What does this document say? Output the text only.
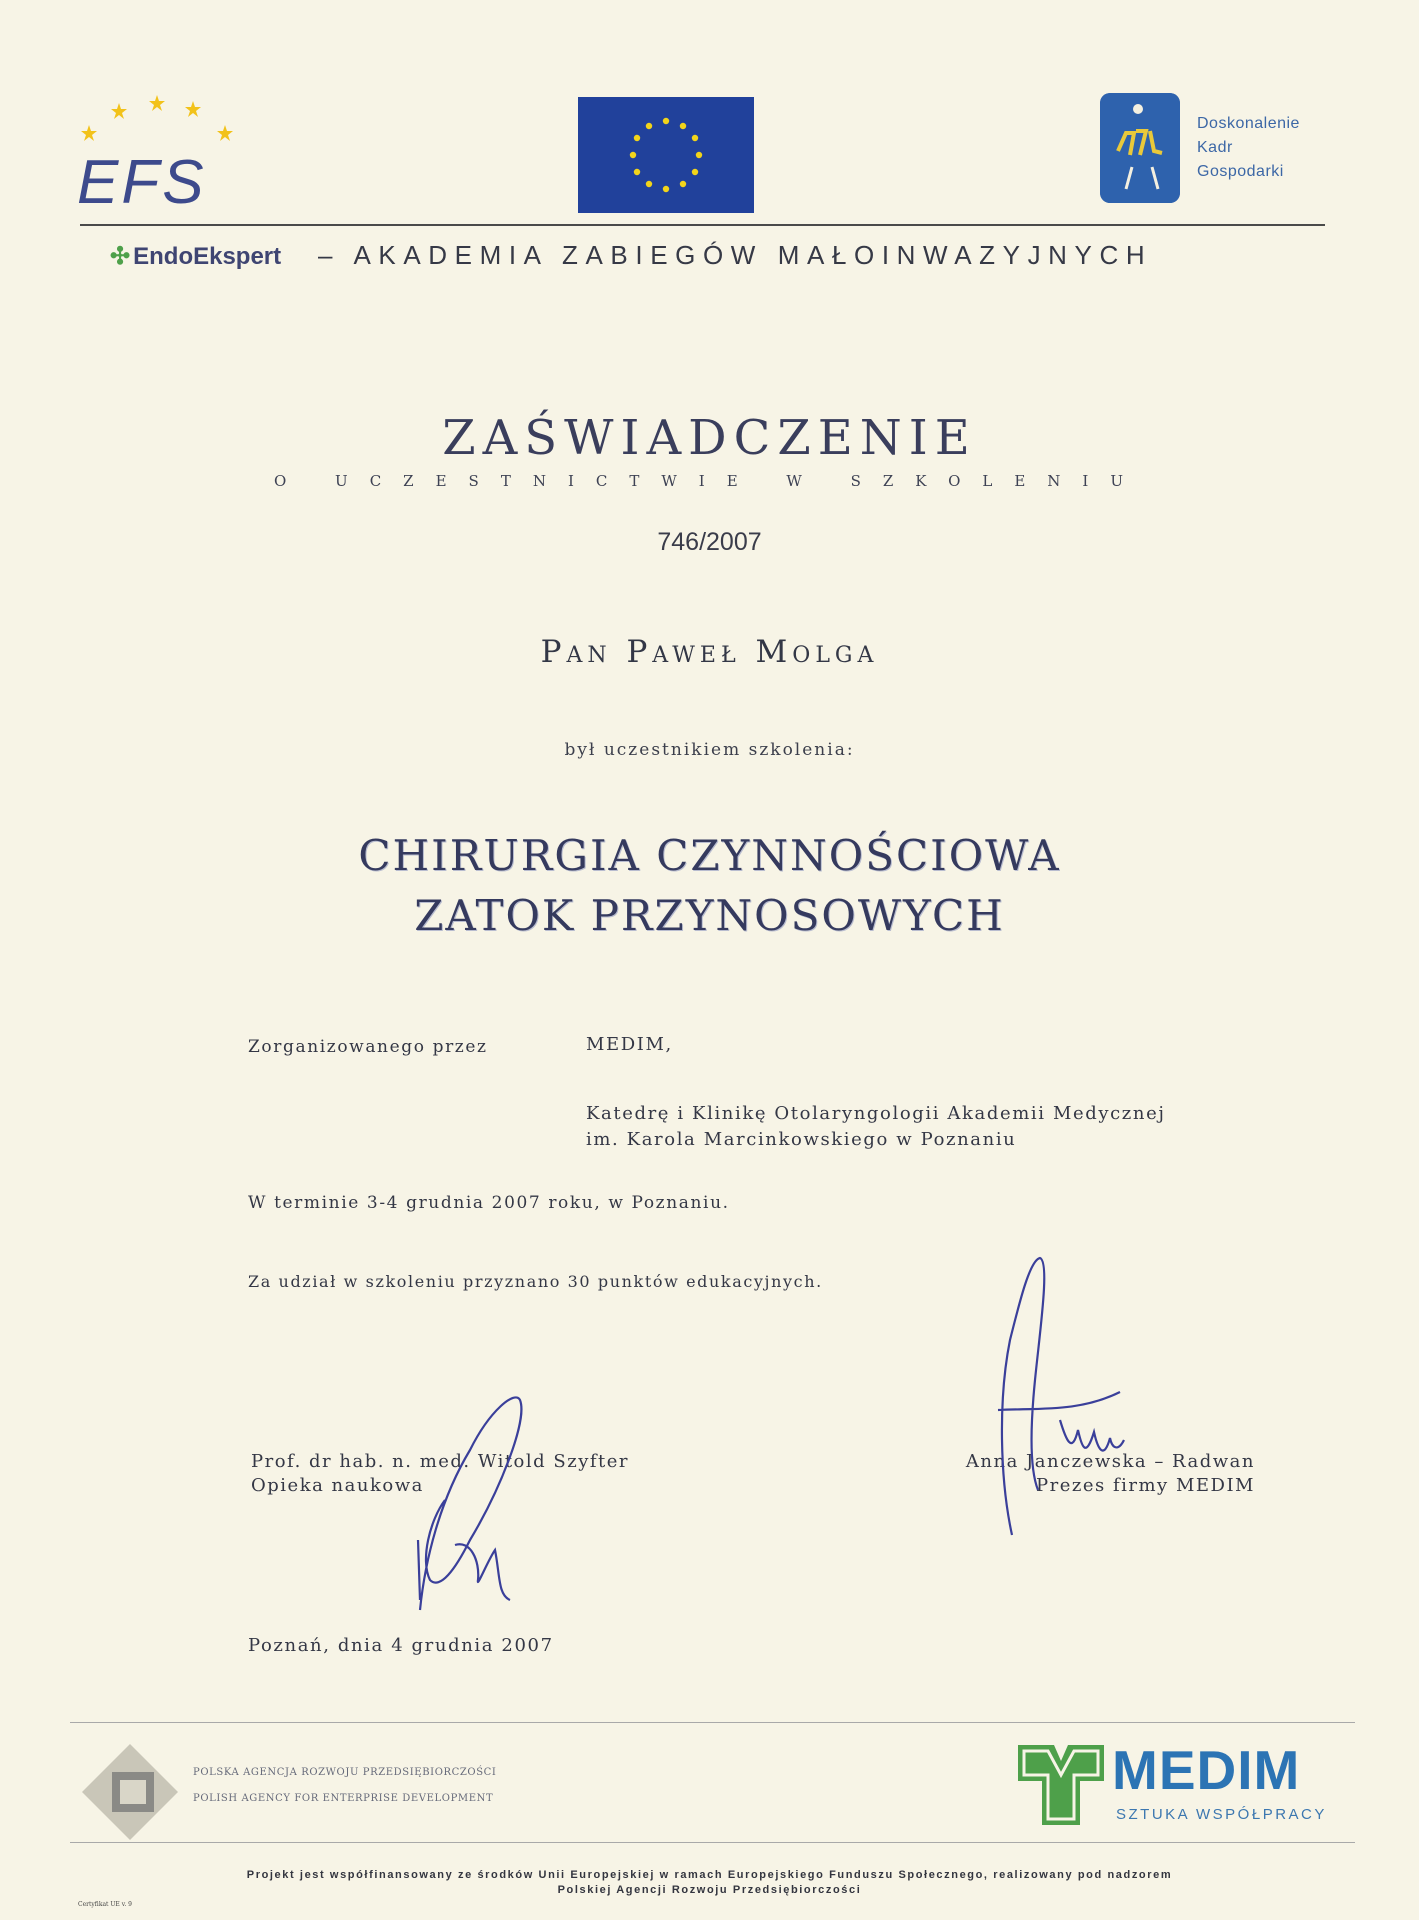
EFS
Doskonalenie
Kadr
Gospodarki
✣ EndoEkspert – AKADEMIA ZABIEGÓW MAŁOINWAZYJNYCH
ZAŚWIADCZENIE
O UCZESTNICTWIE W SZKOLENIU
746/2007
Pan Paweł Molga
był uczestnikiem szkolenia:
CHIRURGIA CZYNNOŚCIOWA
ZATOK PRZYNOSOWYCH
Zorganizowanego przez	MEDIM,
Katedrę i Klinikę Otolaryngologii Akademii Medycznej
im. Karola Marcinkowskiego w Poznaniu
W terminie 3-4 grudnia 2007 roku, w Poznaniu.
Za udział w szkoleniu przyznano 30 punktów edukacyjnych.
Prof. dr hab. n. med. Witold Szyfter
Opieka naukowa
Anna Janczewska – Radwan
Prezes firmy MEDIM
Poznań, dnia 4 grudnia 2007
POLSKA AGENCJA ROZWOJU PRZEDSIĘBIORCZOŚCI
POLISH AGENCY FOR ENTERPRISE DEVELOPMENT	MEDIM
SZTUKA WSPÓŁPRACY
Projekt jest współfinansowany ze środków Unii Europejskiej w ramach Europejskiego Funduszu Społecznego, realizowany pod nadzorem
Polskiej Agencji Rozwoju Przedsiębiorczości
Certyfikat UE v. 9
